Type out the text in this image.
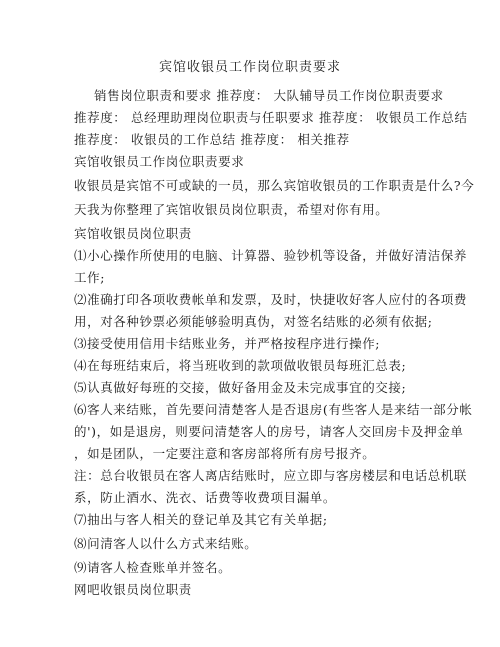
宾馆收银员工作岗位职责要求
销售岗位职责和要求 推荐度： 大队辅导员工作岗位职责要求
推荐度： 总经理助理岗位职责与任职要求 推荐度： 收银员工作总结
推荐度： 收银员的工作总结 推荐度： 相关推荐
宾馆收银员工作岗位职责要求
收银员是宾馆不可或缺的一员，那么宾馆收银员的工作职责是什么?今
天我为你整理了宾馆收银员岗位职责，希望对你有用。
宾馆收银员岗位职责
⑴小心操作所使用的电脑、计算器、验钞机等设备，并做好清洁保养
工作;
⑵准确打印各项收费帐单和发票，及时，快捷收好客人应付的各项费
用，对各种钞票必须能够验明真伪，对签名结账的必须有依据;
⑶接受使用信用卡结账业务，并严格按程序进行操作;
⑷在每班结束后，将当班收到的款项做收银员每班汇总表;
⑸认真做好每班的交接，做好备用金及未完成事宜的交接;
⑹客人来结账，首先要问清楚客人是否退房(有些客人是来结一部分帐
的')，如是退房，则要问清楚客人的房号，请客人交回房卡及押金单
，如是团队，一定要注意和客房部将所有房号报齐。
注：总台收银员在客人离店结账时，应立即与客房楼层和电话总机联
系，防止酒水、洗衣、话费等收费项目漏单。
⑺抽出与客人相关的登记单及其它有关单据;
⑻问清客人以什么方式来结账。
⑼请客人检查账单并签名。
网吧收银员岗位职责
